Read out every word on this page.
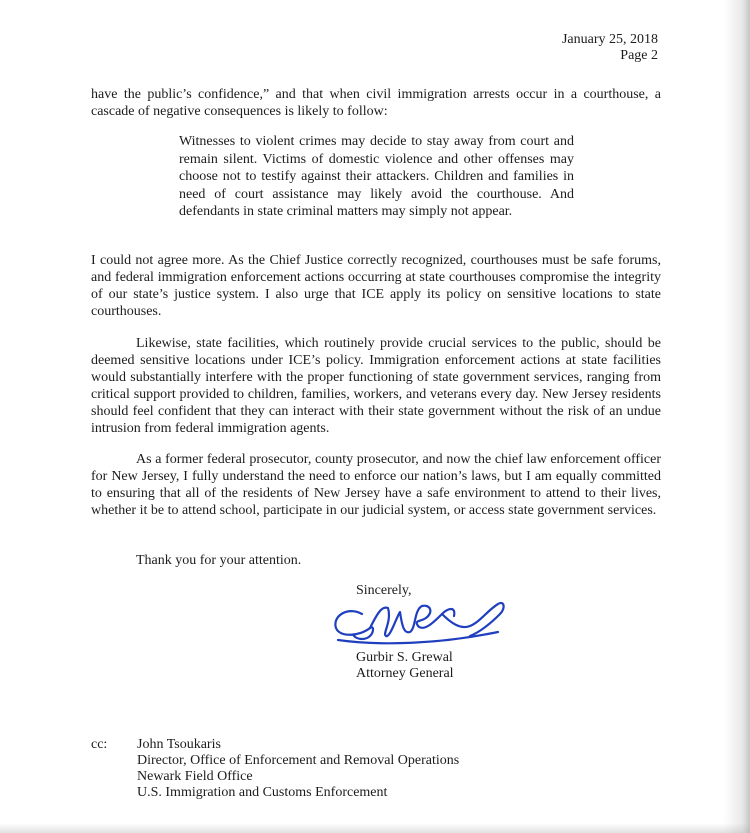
January 25, 2018
Page 2
have the public’s confidence,” and that when civil immigration arrests occur in a courthouse, a cascade of negative consequences is likely to follow:
Witnesses to violent crimes may decide to stay away from court and remain silent. Victims of domestic violence and other offenses may choose not to testify against their attackers. Children and families in need of court assistance may likely avoid the courthouse. And defendants in state criminal matters may simply not appear.
I could not agree more. As the Chief Justice correctly recognized, courthouses must be safe forums, and federal immigration enforcement actions occurring at state courthouses compromise the integrity of our state’s justice system. I also urge that ICE apply its policy on sensitive locations to state courthouses.
Likewise, state facilities, which routinely provide crucial services to the public, should be deemed sensitive locations under ICE’s policy. Immigration enforcement actions at state facilities would substantially interfere with the proper functioning of state government services, ranging from critical support provided to children, families, workers, and veterans every day. New Jersey residents should feel confident that they can interact with their state government without the risk of an undue intrusion from federal immigration agents.
As a former federal prosecutor, county prosecutor, and now the chief law enforcement officer for New Jersey, I fully understand the need to enforce our nation’s laws, but I am equally committed to ensuring that all of the residents of New Jersey have a safe environment to attend to their lives, whether it be to attend school, participate in our judicial system, or access state government services.
Thank you for your attention.
Sincerely,
Gurbir S. Grewal
Attorney General
cc: John Tsoukaris
Director, Office of Enforcement and Removal Operations
Newark Field Office
U.S. Immigration and Customs Enforcement
